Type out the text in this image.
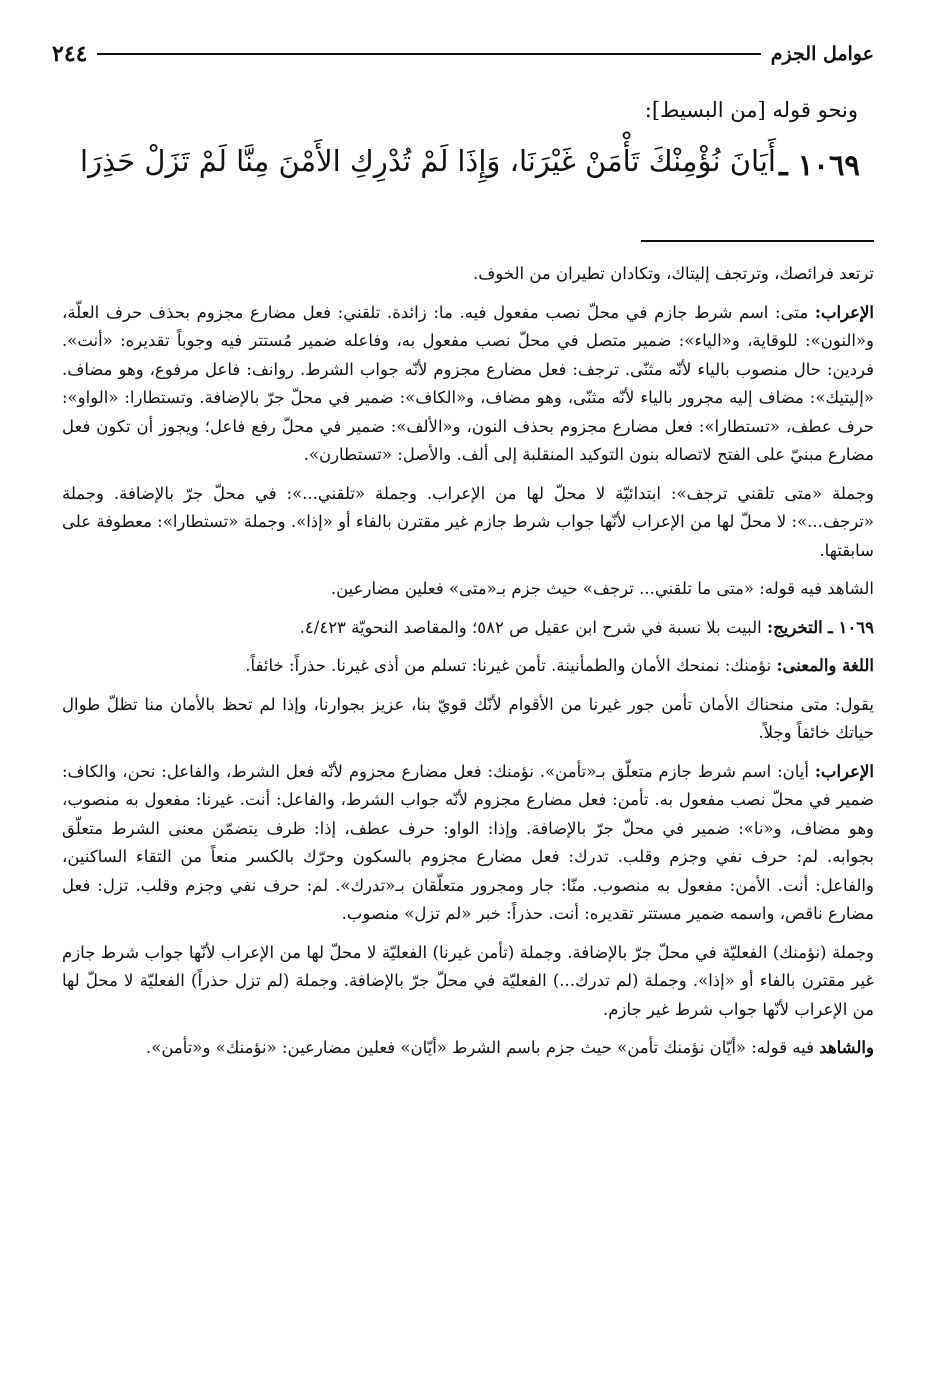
٢٤٤	عوامل الجزم
ونحو قوله [من البسيط]:
١٠٦٩ ـ
أَيَانَ نُؤْمِنْكَ تَأْمَنْ غَيْرَنَا، وَإِذَا
لَمْ تُدْرِكِ الأَمْنَ مِنَّا لَمْ تَزَلْ حَذِرَا

ترتعد فرائصك، وترتجف إليتاك، وتكادان تطيران من الخوف.

الإعراب: متى: اسم شرط جازم في محلّ نصب مفعول فيه. ما: زائدة. تلقني: فعل مضارع مجزوم بحذف حرف العلّة، و«النون»: للوقاية، و«الياء»: ضمير متصل في محلّ نصب مفعول به، وفاعله ضمير مُستتر فيه وجوباً تقديره: «أنت». فردين: حال منصوب بالياء لأنّه مثنّى. ترجف: فعل مضارع مجزوم لأنّه جواب الشرط. روانف: فاعل مرفوع، وهو مضاف. «إليتيك»: مضاف إليه مجرور بالياء لأنّه مثنّى، وهو مضاف، و«الكاف»: ضمير في محلّ جرّ بالإضافة. وتستطارا: «الواو»: حرف عطف، «تستطارا»: فعل مضارع مجزوم بحذف النون، و«الألف»: ضمير في محلّ رفع فاعل؛ ويجوز أن تكون فعل مضارع مبنيّ على الفتح لاتصاله بنون التوكيد المنقلبة إلى ألف. والأصل: «تستطارن».

وجملة «متى تلقني ترجف»: ابتدائيّة لا محلّ لها من الإعراب. وجملة «تلقني...»: في محلّ جرّ بالإضافة. وجملة «ترجف...»: لا محلّ لها من الإعراب لأنّها جواب شرط جازم غير مقترن بالفاء أو «إذا». وجملة «تستطارا»: معطوفة على سابقتها.

الشاهد فيه قوله: «متى ما تلقني... ترجف» حيث جزم بـ«متى» فعلين مضارعين.

١٠٦٩ ـ التخريج: البيت بلا نسبة في شرح ابن عقيل ص ٥٨٢؛ والمقاصد النحويّة ٤/٤٢٣.

اللغة والمعنى: نؤمنك: نمنحك الأمان والطمأنينة. تأمن غيرنا: تسلم من أذى غيرنا. حذراً: خائفاً.

يقول: متى منحناك الأمان تأمن جور غيرنا من الأقوام لأنّك قويّ بنا، عزيز بجوارنا، وإذا لم تحظ بالأمان منا تظلّ طوال حياتك خائفاً وجلاً.

الإعراب: أيان: اسم شرط جازم متعلّق بـ«تأمن». نؤمنك: فعل مضارع مجزوم لأنّه فعل الشرط، والفاعل: نحن، والكاف: ضمير في محلّ نصب مفعول به. تأمن: فعل مضارع مجزوم لأنّه جواب الشرط، والفاعل: أنت. غيرنا: مفعول به منصوب، وهو مضاف، و«نا»: ضمير في محلّ جرّ بالإضافة. وإذا: الواو: حرف عطف، إذا: ظرف يتضمّن معنى الشرط متعلّق بجوابه. لم: حرف نفي وجزم وقلب. تدرك: فعل مضارع مجزوم بالسكون وحرّك بالكسر منعاً من التقاء الساكنين، والفاعل: أنت. الأمن: مفعول به منصوب. منّا: جار ومجرور متعلّقان بـ«تدرك». لم: حرف نفي وجزم وقلب. تزل: فعل مضارع ناقص، واسمه ضمير مستتر تقديره: أنت. حذراً: خبر «لم تزل» منصوب.

وجملة (نؤمنك) الفعليّة في محلّ جرّ بالإضافة. وجملة (تأمن غيرنا) الفعليّة لا محلّ لها من الإعراب لأنّها جواب شرط جازم غير مقترن بالفاء أو «إذا». وجملة (لم تدرك...) الفعليّة في محلّ جرّ بالإضافة. وجملة (لم تزل حذراً) الفعليّة لا محلّ لها من الإعراب لأنّها جواب شرط غير جازم.

والشاهد فيه قوله: «أيّان نؤمنك تأمن» حيث جزم باسم الشرط «أيّان» فعلين مضارعين: «نؤمنك» و«تأمن».
